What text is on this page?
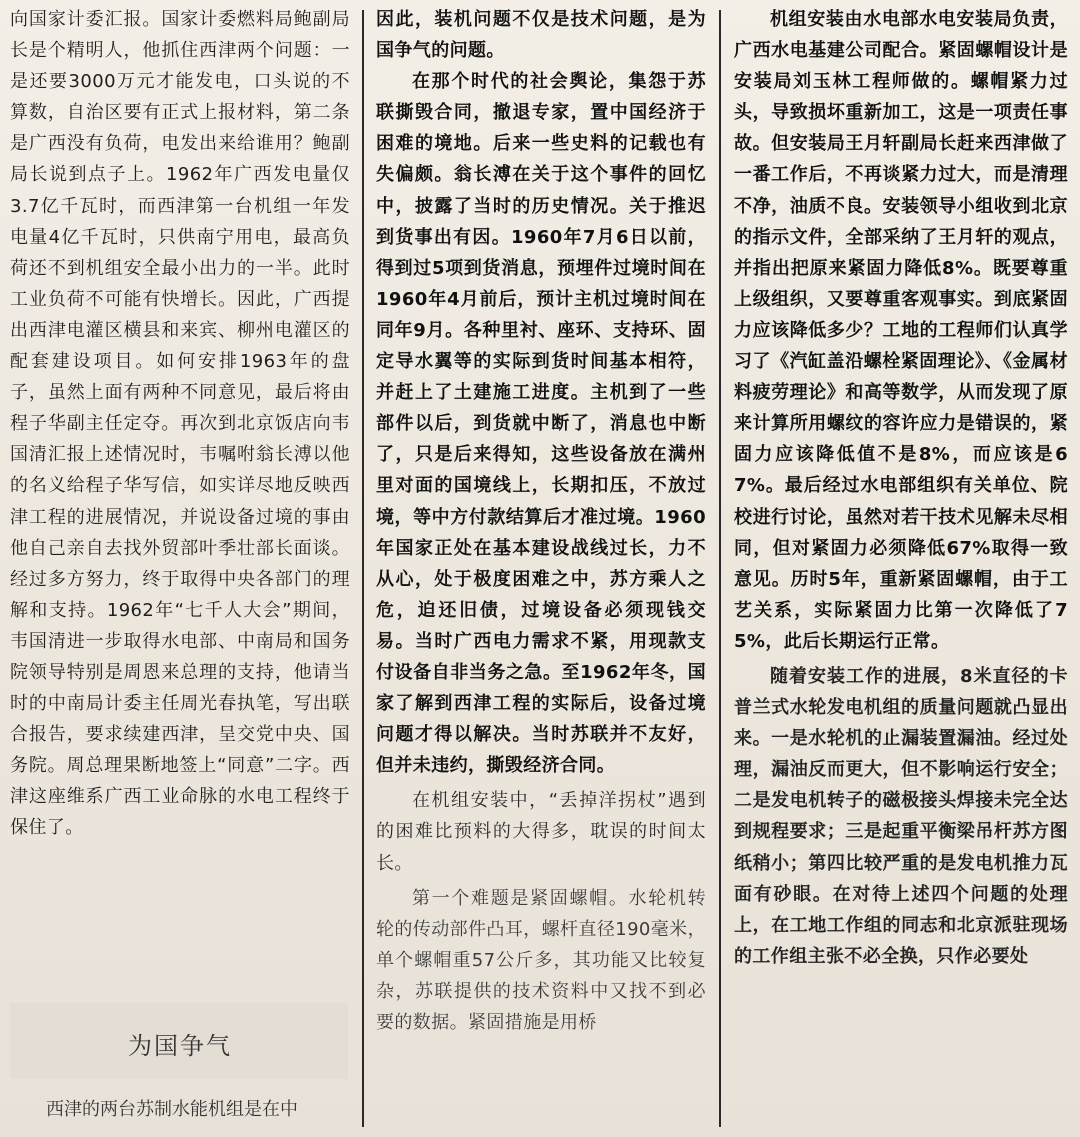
向国家计委汇报。国家计委燃料局鲍副局长是个精明人，他抓住西津两个问题：一是还要3000万元才能发电，口头说的不算数，自治区要有正式上报材料，第二条是广西没有负荷，电发出来给谁用？鲍副局长说到点子上。1962年广西发电量仅3.7亿千瓦时，而西津第一台机组一年发电量4亿千瓦时，只供南宁用电，最高负荷还不到机组安全最小出力的一半。此时工业负荷不可能有快增长。因此，广西提出西津电灌区横县和来宾、柳州电灌区的配套建设项目。如何安排1963年的盘子，虽然上面有两种不同意见，最后将由程子华副主任定夺。再次到北京饭店向韦国清汇报上述情况时，韦嘱咐翁长溥以他的名义给程子华写信，如实详尽地反映西津工程的进展情况，并说设备过境的事由他自己亲自去找外贸部叶季壮部长面谈。经过多方努力，终于取得中央各部门的理解和支持。1962年“七千人大会”期间，韦国清进一步取得水电部、中南局和国务院领导特别是周恩来总理的支持，他请当时的中南局计委主任周光春执笔，写出联合报告，要求续建西津，呈交党中央、国务院。周总理果断地签上“同意”二字。西津这座维系广西工业命脉的水电工程终于保住了。

为国争气

西津的两台苏制水能机组是在中

因此，装机问题不仅是技术问题，是为国争气的问题。

在那个时代的社会舆论，集怨于苏联撕毁合同，撤退专家，置中国经济于困难的境地。后来一些史料的记载也有失偏颇。翁长溥在关于这个事件的回忆中，披露了当时的历史情况。关于推迟到货事出有因。1960年7月6日以前，得到过5项到货消息，预埋件过境时间在1960年4月前后，预计主机过境时间在同年9月。各种里衬、座环、支持环、固定导水翼等的实际到货时间基本相符，并赶上了土建施工进度。主机到了一些部件以后，到货就中断了，消息也中断了，只是后来得知，这些设备放在满州里对面的国境线上，长期扣压，不放过境，等中方付款结算后才准过境。1960年国家正处在基本建设战线过长，力不从心，处于极度困难之中，苏方乘人之危，迫还旧债，过境设备必须现钱交易。当时广西电力需求不紧，用现款支付设备自非当务之急。至1962年冬，国家了解到西津工程的实际后，设备过境问题才得以解决。当时苏联并不友好，但并未违约，撕毁经济合同。

在机组安装中，“丢掉洋拐杖”遇到的困难比预料的大得多，耽误的时间太长。

第一个难题是紧固螺帽。水轮机转轮的传动部件凸耳，螺杆直径190毫米，单个螺帽重57公斤多，其功能又比较复杂，苏联提供的技术资料中又找不到必要的数据。紧固措施是用桥

机组安装由水电部水电安装局负责，广西水电基建公司配合。紧固螺帽设计是安装局刘玉林工程师做的。螺帽紧力过头，导致损坏重新加工，这是一项责任事故。但安装局王月轩副局长赶来西津做了一番工作后，不再谈紧力过大，而是清理不净，油质不良。安装领导小组收到北京的指示文件，全部采纳了王月轩的观点，并指出把原来紧固力降低8%。既要尊重上级组织，又要尊重客观事实。到底紧固力应该降低多少？工地的工程师们认真学习了《汽缸盖沿螺栓紧固理论》、《金属材料疲劳理论》和高等数学，从而发现了原来计算所用螺纹的容许应力是错误的，紧固力应该降低值不是8%，而应该是67%。最后经过水电部组织有关单位、院校进行讨论，虽然对若干技术见解未尽相同，但对紧固力必须降低67%取得一致意见。历时5年，重新紧固螺帽，由于工艺关系，实际紧固力比第一次降低了75%，此后长期运行正常。

随着安装工作的进展，8米直径的卡普兰式水轮发电机组的质量问题就凸显出来。一是水轮机的止漏装置漏油。经过处理，漏油反而更大，但不影响运行安全；二是发电机转子的磁极接头焊接未完全达到规程要求；三是起重平衡梁吊杆苏方图纸稍小；第四比较严重的是发电机推力瓦面有砂眼。在对待上述四个问题的处理上，在工地工作组的同志和北京派驻现场的工作组主张不必全换，只作必要处
